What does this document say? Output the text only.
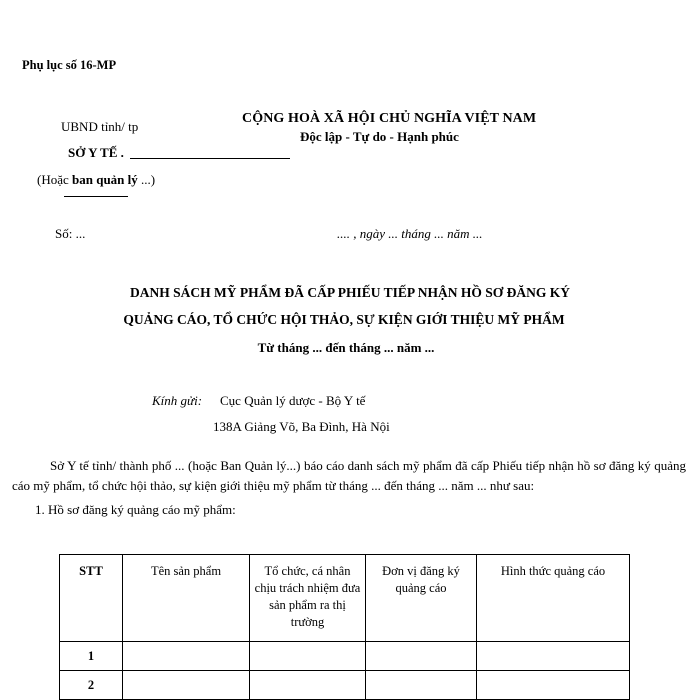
Phụ lục số 16-MP
UBND tỉnh/ tp
SỞ Y TẾ .
(Hoặc ban quản lý ...)
CỘNG HOÀ XÃ HỘI CHỦ NGHĨA VIỆT NAM
Độc lập - Tự do - Hạnh phúc
Số: ...	.... , ngày ... tháng ... năm ...
DANH SÁCH MỸ PHẨM ĐÃ CẤP PHIẾU TIẾP NHẬN HỒ SƠ ĐĂNG KÝ
QUẢNG CÁO, TỔ CHỨC HỘI THẢO, SỰ KIỆN GIỚI THIỆU MỸ PHẨM
Từ tháng ... đến tháng ... năm ...
Kính gửi: Cục Quản lý dược - Bộ Y tế
138A Giảng Võ, Ba Đình, Hà Nội
Sở Y tế tỉnh/ thành phố ... (hoặc Ban Quản lý...) báo cáo danh sách mỹ phẩm đã cấp Phiếu tiếp nhận hồ sơ đăng ký quảng cáo mỹ phẩm, tổ chức hội thảo, sự kiện giới thiệu mỹ phẩm từ tháng ... đến tháng ... năm ... như sau:
1. Hồ sơ đăng ký quảng cáo mỹ phẩm:
STT	Tên sản phẩm	Tổ chức, cá nhân chịu trách nhiệm đưa sản phẩm ra thị trường	Đơn vị đăng ký quảng cáo	Hình thức quảng cáo
1				
2				
